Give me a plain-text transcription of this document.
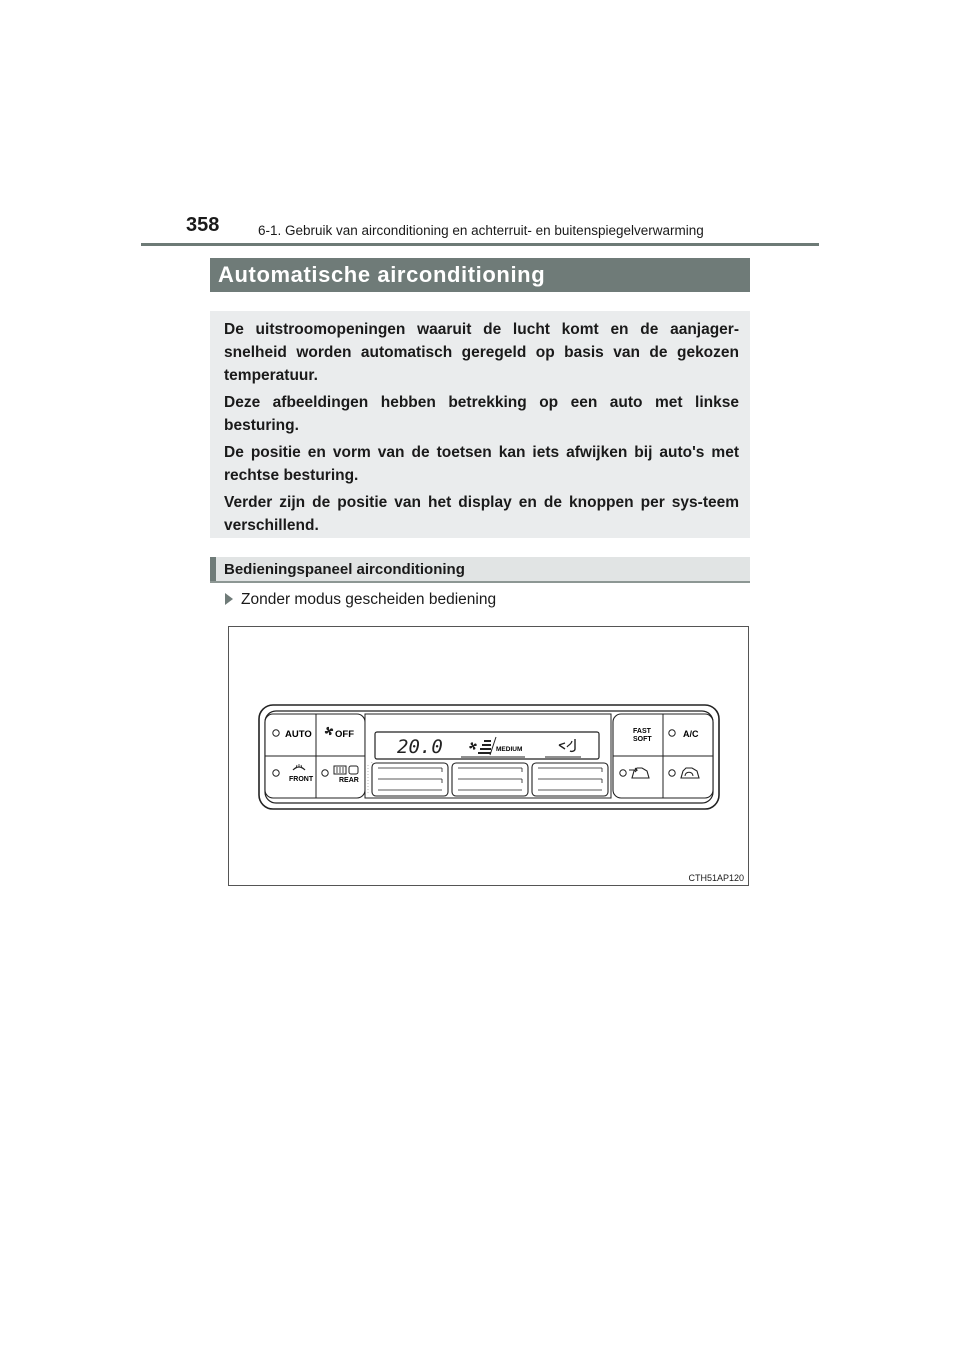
358	6-1. Gebruik van airconditioning en achterruit- en buitenspiegelverwarming
Automatische airconditioning

De uitstroomopeningen waaruit de lucht komt en de aanjager-snelheid worden automatisch geregeld op basis van de gekozen temperatuur.

Deze afbeeldingen hebben betrekking op een auto met linkse besturing.

De positie en vorm van de toetsen kan iets afwijken bij auto's met rechtse besturing.

Verder zijn de positie van het display en de knoppen per sys-teem verschillend.

Bedieningspaneel airconditioning
Zonder modus gescheiden bediening
AUTO OFF
FRONT	REAR
20.0	MEDIUM
-
FAST
SOFT
A/C
CTH51AP120
